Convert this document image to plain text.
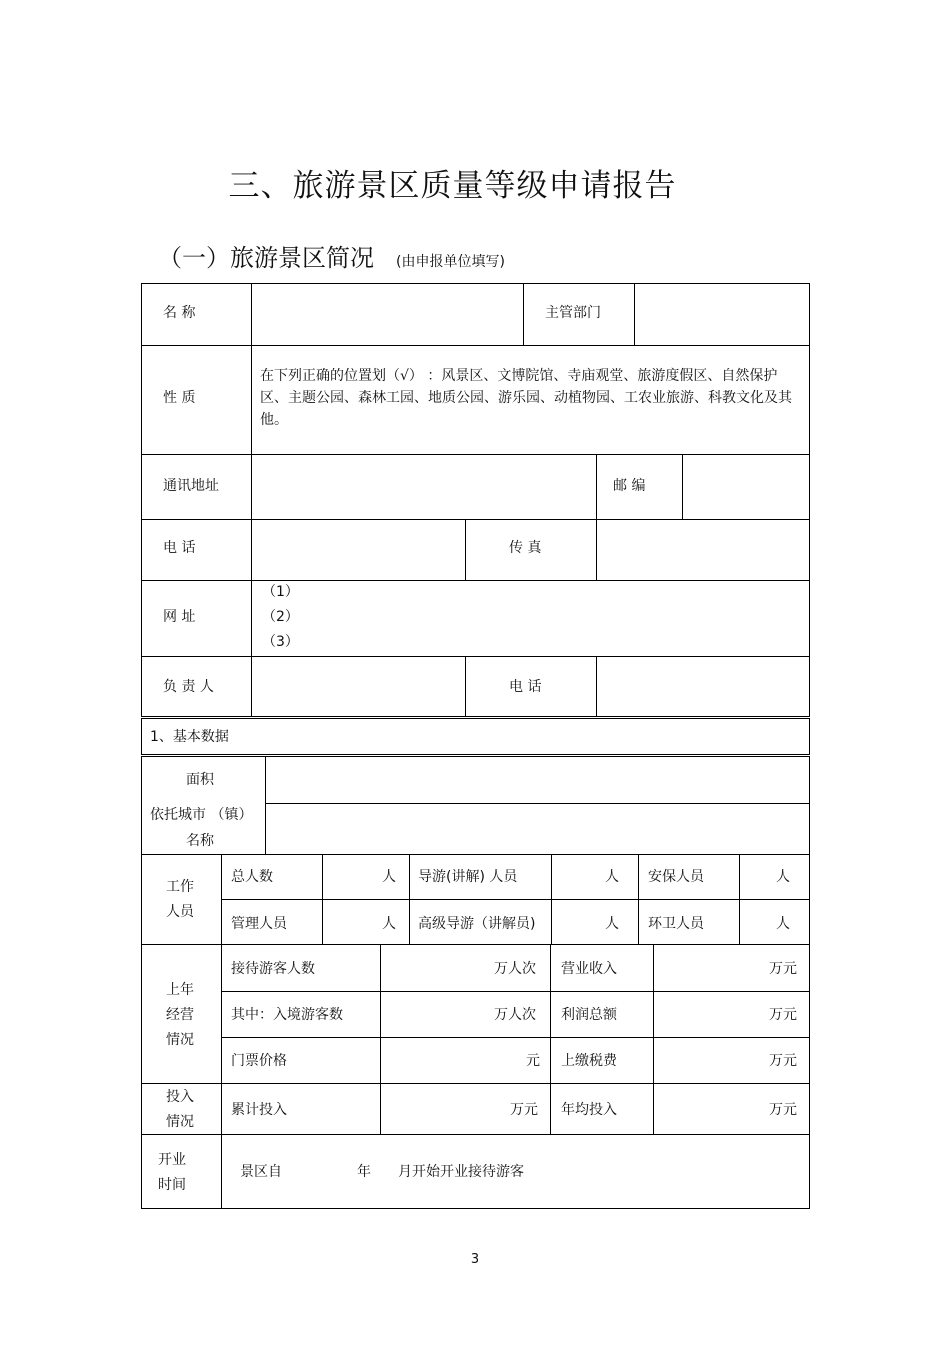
三、旅游景区质量等级申请报告
（一）旅游景区简况 (由申报单位填写)
名 称	主管部门
性 质
在下列正确的位置划（√） ：风景区、文博院馆、寺庙观堂、旅游度假区、自然保护区、主题公园、森林工园、地质公园、游乐园、动植物园、工农业旅游、科教文化及其他。
通讯地址	邮 编
电 话	传 真
网 址
（1）
（2）
（3）
负 责 人	电 话
1、基本数据
面积
依托城市 （镇）
名称
工作
人员
总人数	人 导游(讲解) 人员	人 安保人员	人
管理人员	人 高级导游（讲解员)	人 环卫人员	人
上年
经营
情况
接待游客人数	万人次 营业收入	万元
其中：入境游客数	万人次 利润总额	万元
门票价格	元 上缴税费	万元
投入
情况
累计投入	万元 年均投入	万元
开业
时间
景区自	年 月开始开业接待游客
3
